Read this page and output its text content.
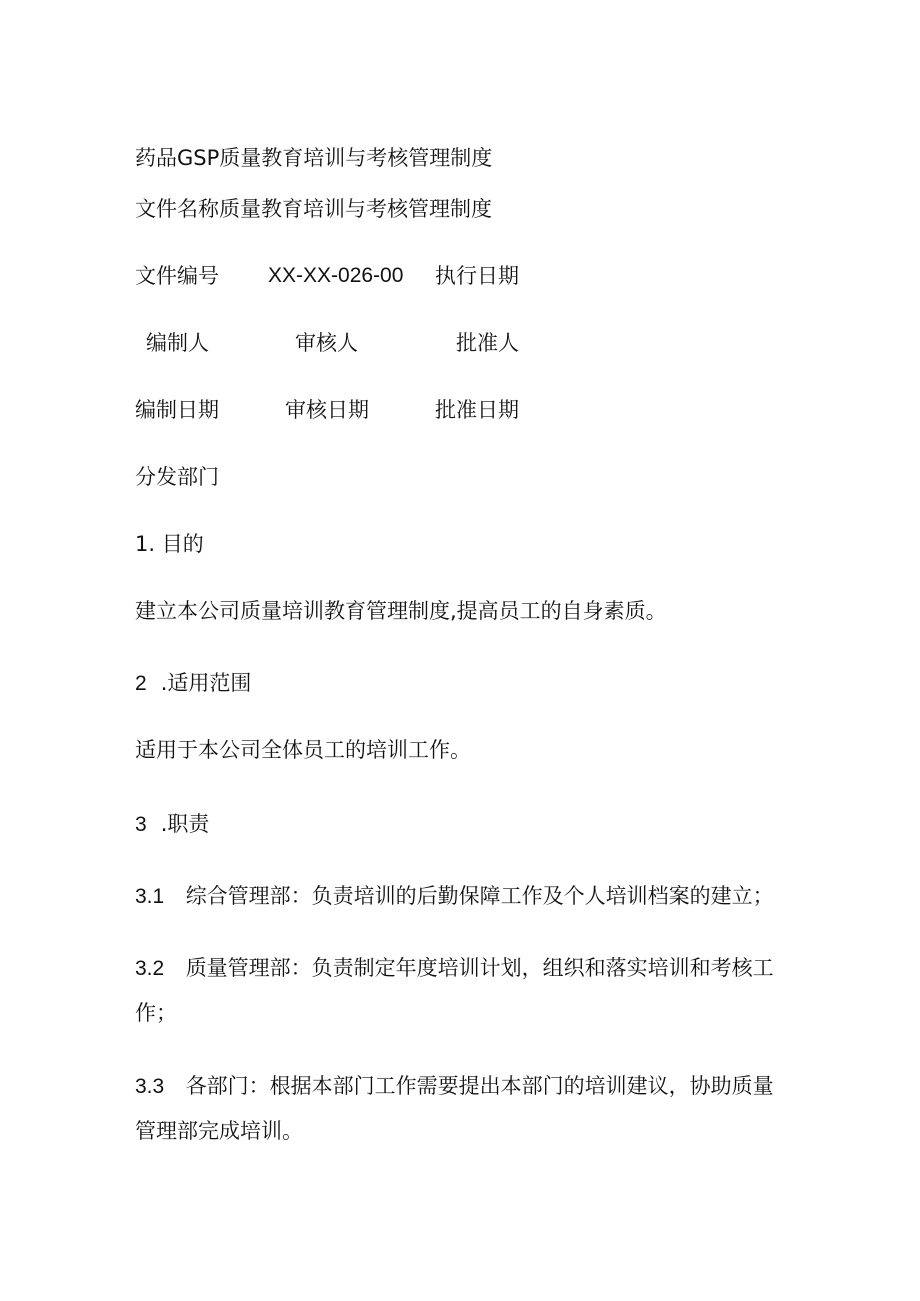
药品GSP质量教育培训与考核管理制度
文件名称质量教育培训与考核管理制度
文件编号 XX-XX-026-00 执行日期
编制人	审核人	批准人
编制日期	审核日期	批准日期
分发部门
1. 目的
建立本公司质量培训教育管理制度,提高员工的自身素质。
2 .适用范围
适用于本公司全体员工的培训工作。
3 .职责
3.1 综合管理部：负责培训的后勤保障工作及个人培训档案的建立；
3.2 质量管理部：负责制定年度培训计划，组织和落实培训和考核工作；
3.3 各部门：根据本部门工作需要提出本部门的培训建议，协助质量管理部完成培训。
